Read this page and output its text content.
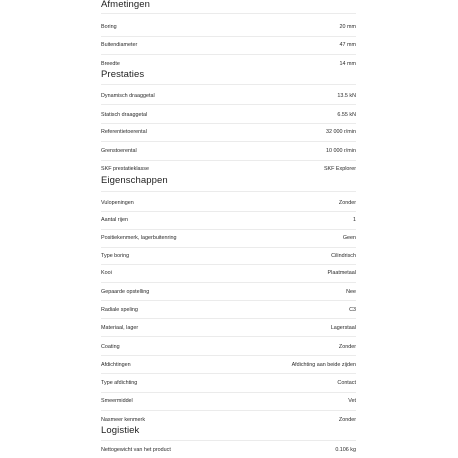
Afmetingen
Boring	20 mm
Buitendiameter	47 mm
Breedte	14 mm
Prestaties
Dynamisch draaggetal	13.5 kN
Statisch draaggetal	6.55 kN
Referentietoerental	32 000 r/min
Grenstoerental	10 000 r/min
SKF prestatieklasse	SKF Explorer
Eigenschappen
Vulopeningen	Zonder
Aantal rijen	1
Positiekenmerk, lagerbuitenring	Geen
Type boring	Cilindrisch
Kooi	Plaatmetaal
Gepaarde opstelling	Nee
Radiale speling	C3
Materiaal, lager	Lagerstaal
Coating	Zonder
Afdichtingen	Afdichting aan beide zijden
Type afdichting	Contact
Smeermiddel	Vet
Nasmeer kenmerk	Zonder
Logistiek
Nettogewicht van het product	0.106 kg
